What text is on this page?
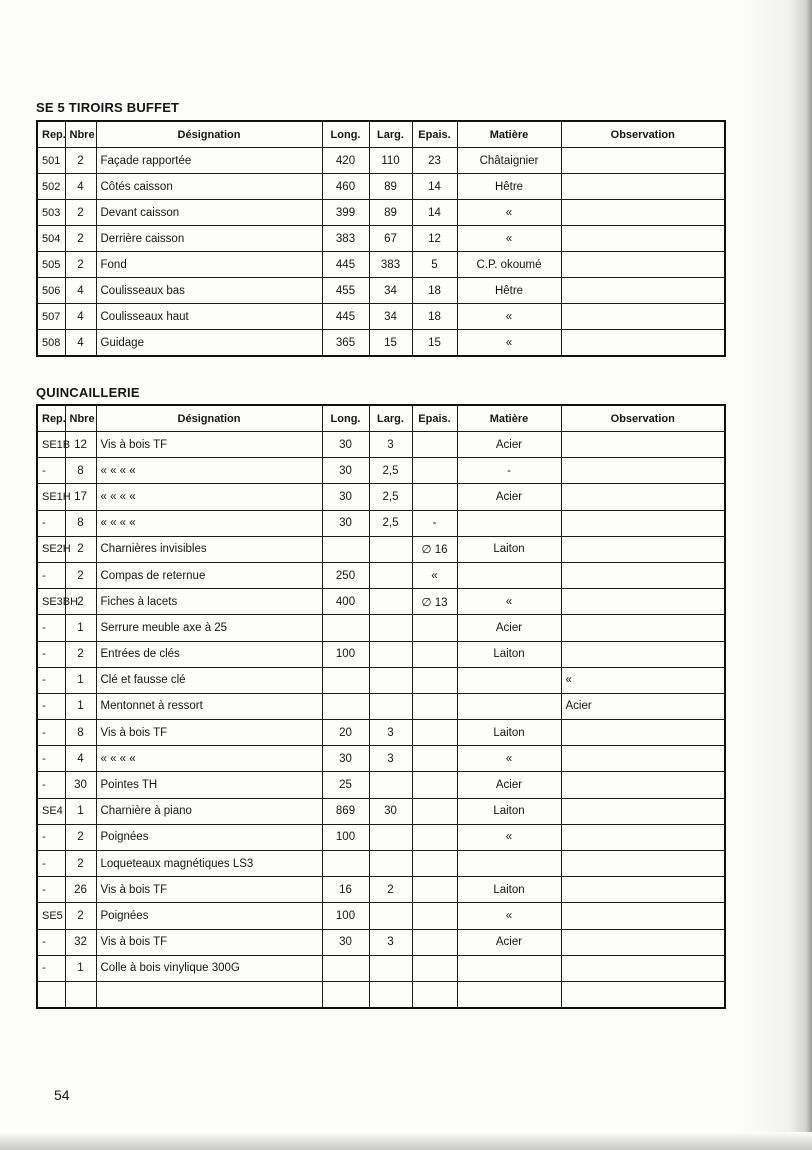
SE 5 TIROIRS BUFFET
Rep.	Nbre	Désignation	Long.	Larg.	Epais.	Matière	Observation
501	2	Façade rapportée	420	110	23	Châtaignier	
502	4	Côtés caisson	460	89	14	Hêtre	
503	2	Devant caisson	399	89	14	«	
504	2	Derrière caisson	383	67	12	«	
505	2	Fond	445	383	5	C.P. okoumé	
506	4	Coulisseaux bas	455	34	18	Hêtre	
507	4	Coulisseaux haut	445	34	18	«	
508	4	Guidage	365	15	15	«	
QUINCAILLERIE
Rep.	Nbre	Désignation	Long.	Larg.	Epais.	Matière	Observation
SE1B	12	Vis à bois TF	30	3		Acier	
-	8	« « « «	30	2,5		-	
SE1H	17	« « « «	30	2,5		Acier	
-	8	« « « «	30	2,5	-		
SE2H	2	Charnières invisibles			∅ 16	Laiton	
-	2	Compas de reternue	250		«		
SE3BH	2	Fiches à lacets	400		∅ 13	«	
-	1	Serrure meuble axe à 25				Acier	
-	2	Entrées de clés	100			Laiton	
-	1	Clé et fausse clé					«
-	1	Mentonnet à ressort					Acier
-	8	Vis à bois TF	20	3		Laiton	
-	4	« « « «	30	3		«	
-	30	Pointes TH	25			Acier	
SE4	1	Charnière à piano	869	30		Laiton	
-	2	Poignées	100			«	
-	2	Loqueteaux magnétiques LS3					
-	26	Vis à bois TF	16	2		Laiton	
SE5	2	Poignées	100			«	
-	32	Vis à bois TF	30	3		Acier	
-	1	Colle à bois vinylique 300G					

54
